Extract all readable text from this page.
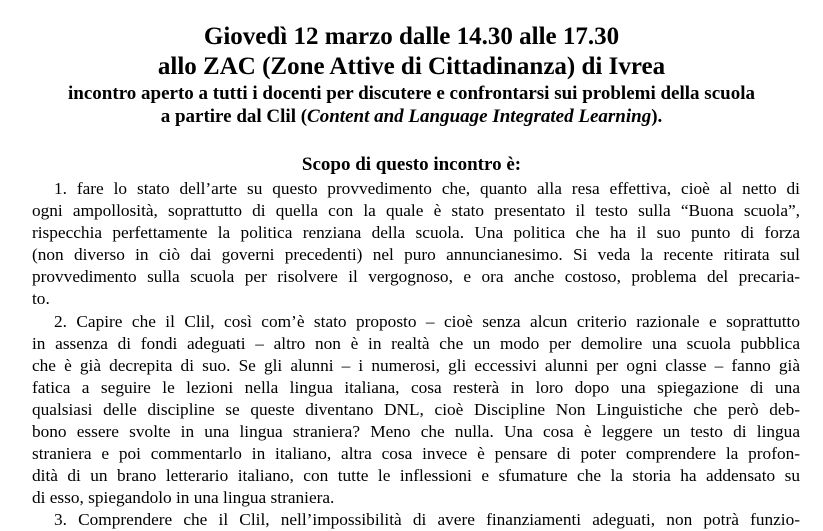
Giovedì 12 marzo dalle 14.30 alle 17.30
allo ZAC (Zone Attive di Cittadinanza) di Ivrea
incontro aperto a tutti i docenti per discutere e confrontarsi sui problemi della scuola
a partire dal Clil (Content and Language Integrated Learning).
Scopo di questo incontro è:
1. fare lo stato dell’arte su questo provvedimento che, quanto alla resa effettiva, cioè al netto di
ogni ampollosità, soprattutto di quella con la quale è stato presentato il testo sulla “Buona scuola”,
rispecchia perfettamente la politica renziana della scuola. Una politica che ha il suo punto di forza
(non diverso in ciò dai governi precedenti) nel puro annuncianesimo. Si veda la recente ritirata sul
provvedimento sulla scuola per risolvere il vergognoso, e ora anche costoso, problema del precaria-
to.
2. Capire che il Clil, così com’è stato proposto – cioè senza alcun criterio razionale e soprattutto
in assenza di fondi adeguati – altro non è in realtà che un modo per demolire una scuola pubblica
che è già decrepita di suo. Se gli alunni – i numerosi, gli eccessivi alunni per ogni classe – fanno già
fatica a seguire le lezioni nella lingua italiana, cosa resterà in loro dopo una spiegazione di una
qualsiasi delle discipline se queste diventano DNL, cioè Discipline Non Linguistiche che però deb-
bono essere svolte in una lingua straniera? Meno che nulla. Una cosa è leggere un testo di lingua
straniera e poi commentarlo in italiano, altra cosa invece è pensare di poter comprendere la profon-
dità di un brano letterario italiano, con tutte le inflessioni e sfumature che la storia ha addensato su
di esso, spiegandolo in una lingua straniera.
3. Comprendere che il Clil, nell’impossibilità di avere finanziamenti adeguati, non potrà funzio-
